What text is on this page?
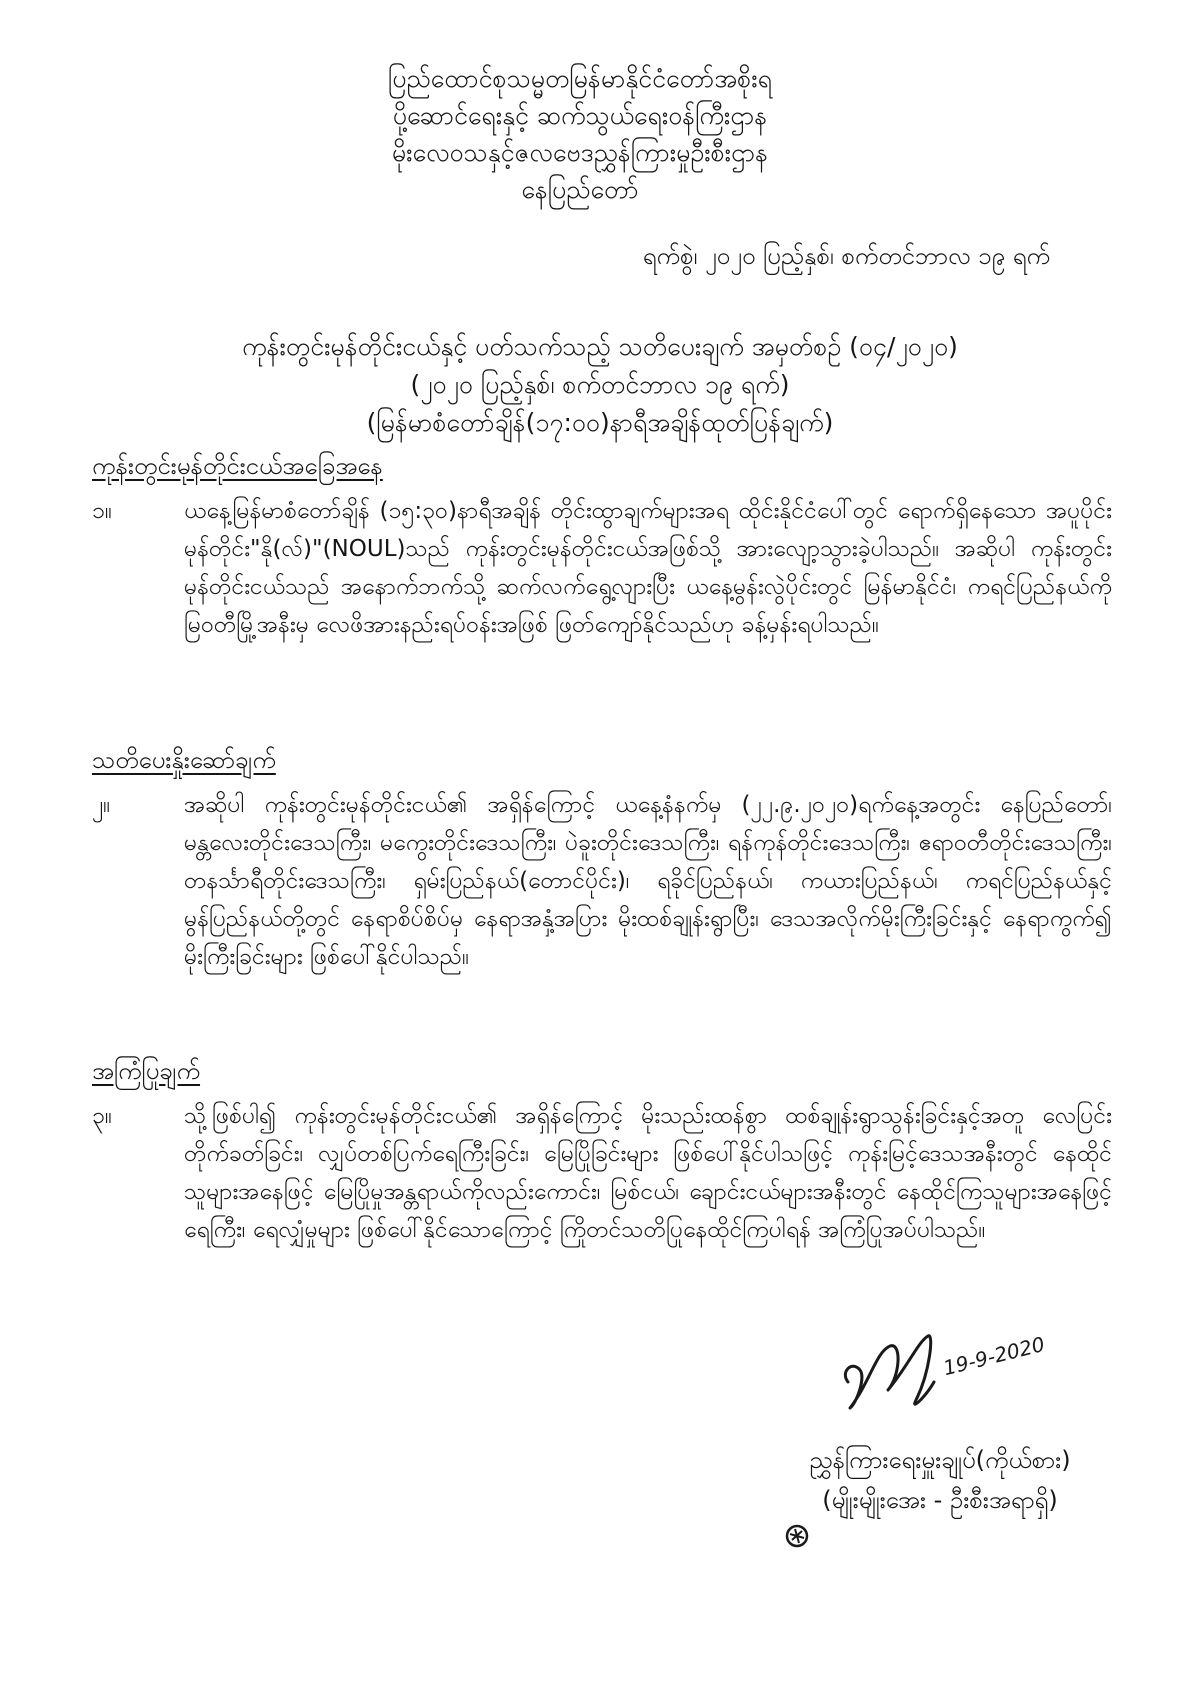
ပြည်ထောင်စုသမ္မတမြန်မာနိုင်ငံတော်အစိုးရ
ပို့ဆောင်ရေးနှင့် ဆက်သွယ်ရေးဝန်ကြီးဌာန
မိုးလေဝသနှင့်ဇလဗေဒညွှန်ကြားမှုဦးစီးဌာန
နေပြည်တော်
ရက်စွဲ၊ ၂၀၂၀ ပြည့်နှစ်၊ စက်တင်ဘာလ ၁၉ ရက်
ကုန်းတွင်းမုန်တိုင်းငယ်နှင့် ပတ်သက်သည့် သတိပေးချက် အမှတ်စဉ် (၀၄/၂၀၂၀)
(၂၀၂၀ ပြည့်နှစ်၊ စက်တင်ဘာလ ၁၉ ရက်)
(မြန်မာစံတော်ချိန်(၁၇:၀၀)နာရီအချိန်ထုတ်ပြန်ချက်)
ကုန်းတွင်းမုန်တိုင်းငယ်အခြေအနေ
၁။	ယနေ့မြန်မာစံတော်ချိန် (၁၅:၃၀)နာရီအချိန် တိုင်းထွာချက်များအရ ထိုင်းနိုင်ငံပေါ်တွင် ရောက်ရှိနေသော အပူပိုင်းမုန်တိုင်း"နို(လ်)"(NOUL)သည် ကုန်းတွင်းမုန်တိုင်းငယ်အဖြစ်သို့ အားလျော့သွားခဲ့ပါသည်။ အဆိုပါ ကုန်းတွင်းမုန်တိုင်းငယ်သည် အနောက်ဘက်သို့ ဆက်လက်ရွေ့လျားပြီး ယနေ့မွန်းလွဲပိုင်းတွင် မြန်မာနိုင်ငံ၊ ကရင်ပြည်နယ်ကို မြဝတီမြို့အနီးမှ လေဖိအားနည်းရပ်ဝန်းအဖြစ် ဖြတ်ကျော်နိုင်သည်ဟု ခန့်မှန်းရပါသည်။
သတိပေးနှိုးဆော်ချက်
၂။	အဆိုပါ ကုန်းတွင်းမုန်တိုင်းငယ်၏ အရှိန်ကြောင့် ယနေ့နံနက်မှ (၂၂.၉.၂၀၂၀)ရက်နေ့အတွင်း နေပြည်တော်၊ မန္တလေးတိုင်းဒေသကြီး၊ မကွေးတိုင်းဒေသကြီး၊ ပဲခူးတိုင်းဒေသကြီး၊ ရန်ကုန်တိုင်းဒေသကြီး၊ ဧရာဝတီတိုင်းဒေသကြီး၊ တနင်္သာရီတိုင်းဒေသကြီး၊ ရှမ်းပြည်နယ်(တောင်ပိုင်း)၊ ရခိုင်ပြည်နယ်၊ ကယားပြည်နယ်၊ ကရင်ပြည်နယ်နှင့် မွန်ပြည်နယ်တို့တွင် နေရာစိပ်စိပ်မှ နေရာအနှံ့အပြား မိုးထစ်ချုန်းရွာပြီး၊ ဒေသအလိုက်မိုးကြီးခြင်းနှင့် နေရာကွက်၍ မိုးကြီးခြင်းများ ဖြစ်ပေါ်နိုင်ပါသည်။
အကြံပြုချက်
၃။	သို့ဖြစ်ပါ၍ ကုန်းတွင်းမုန်တိုင်းငယ်၏ အရှိန်ကြောင့် မိုးသည်းထန်စွာ ထစ်ချုန်းရွာသွန်းခြင်းနှင့်အတူ လေပြင်းတိုက်ခတ်ခြင်း၊ လျှပ်တစ်ပြက်ရေကြီးခြင်း၊ မြေပြိုခြင်းများ ဖြစ်ပေါ်နိုင်ပါသဖြင့် ကုန်းမြင့်ဒေသအနီးတွင် နေထိုင်သူများအနေဖြင့် မြေပြိုမှုအန္တရာယ်ကိုလည်းကောင်း၊ မြစ်ငယ်၊ ချောင်းငယ်များအနီးတွင် နေထိုင်ကြသူများအနေဖြင့် ရေကြီး၊ ရေလျှံမှုများ ဖြစ်ပေါ်နိုင်သောကြောင့် ကြိုတင်သတိပြုနေထိုင်ကြပါရန် အကြံပြုအပ်ပါသည်။
19-9-2020
ညွှန်ကြားရေးမှူးချုပ်(ကိုယ်စား)
(မျိုးမျိုးအေး - ဦးစီးအရာရှိ)
